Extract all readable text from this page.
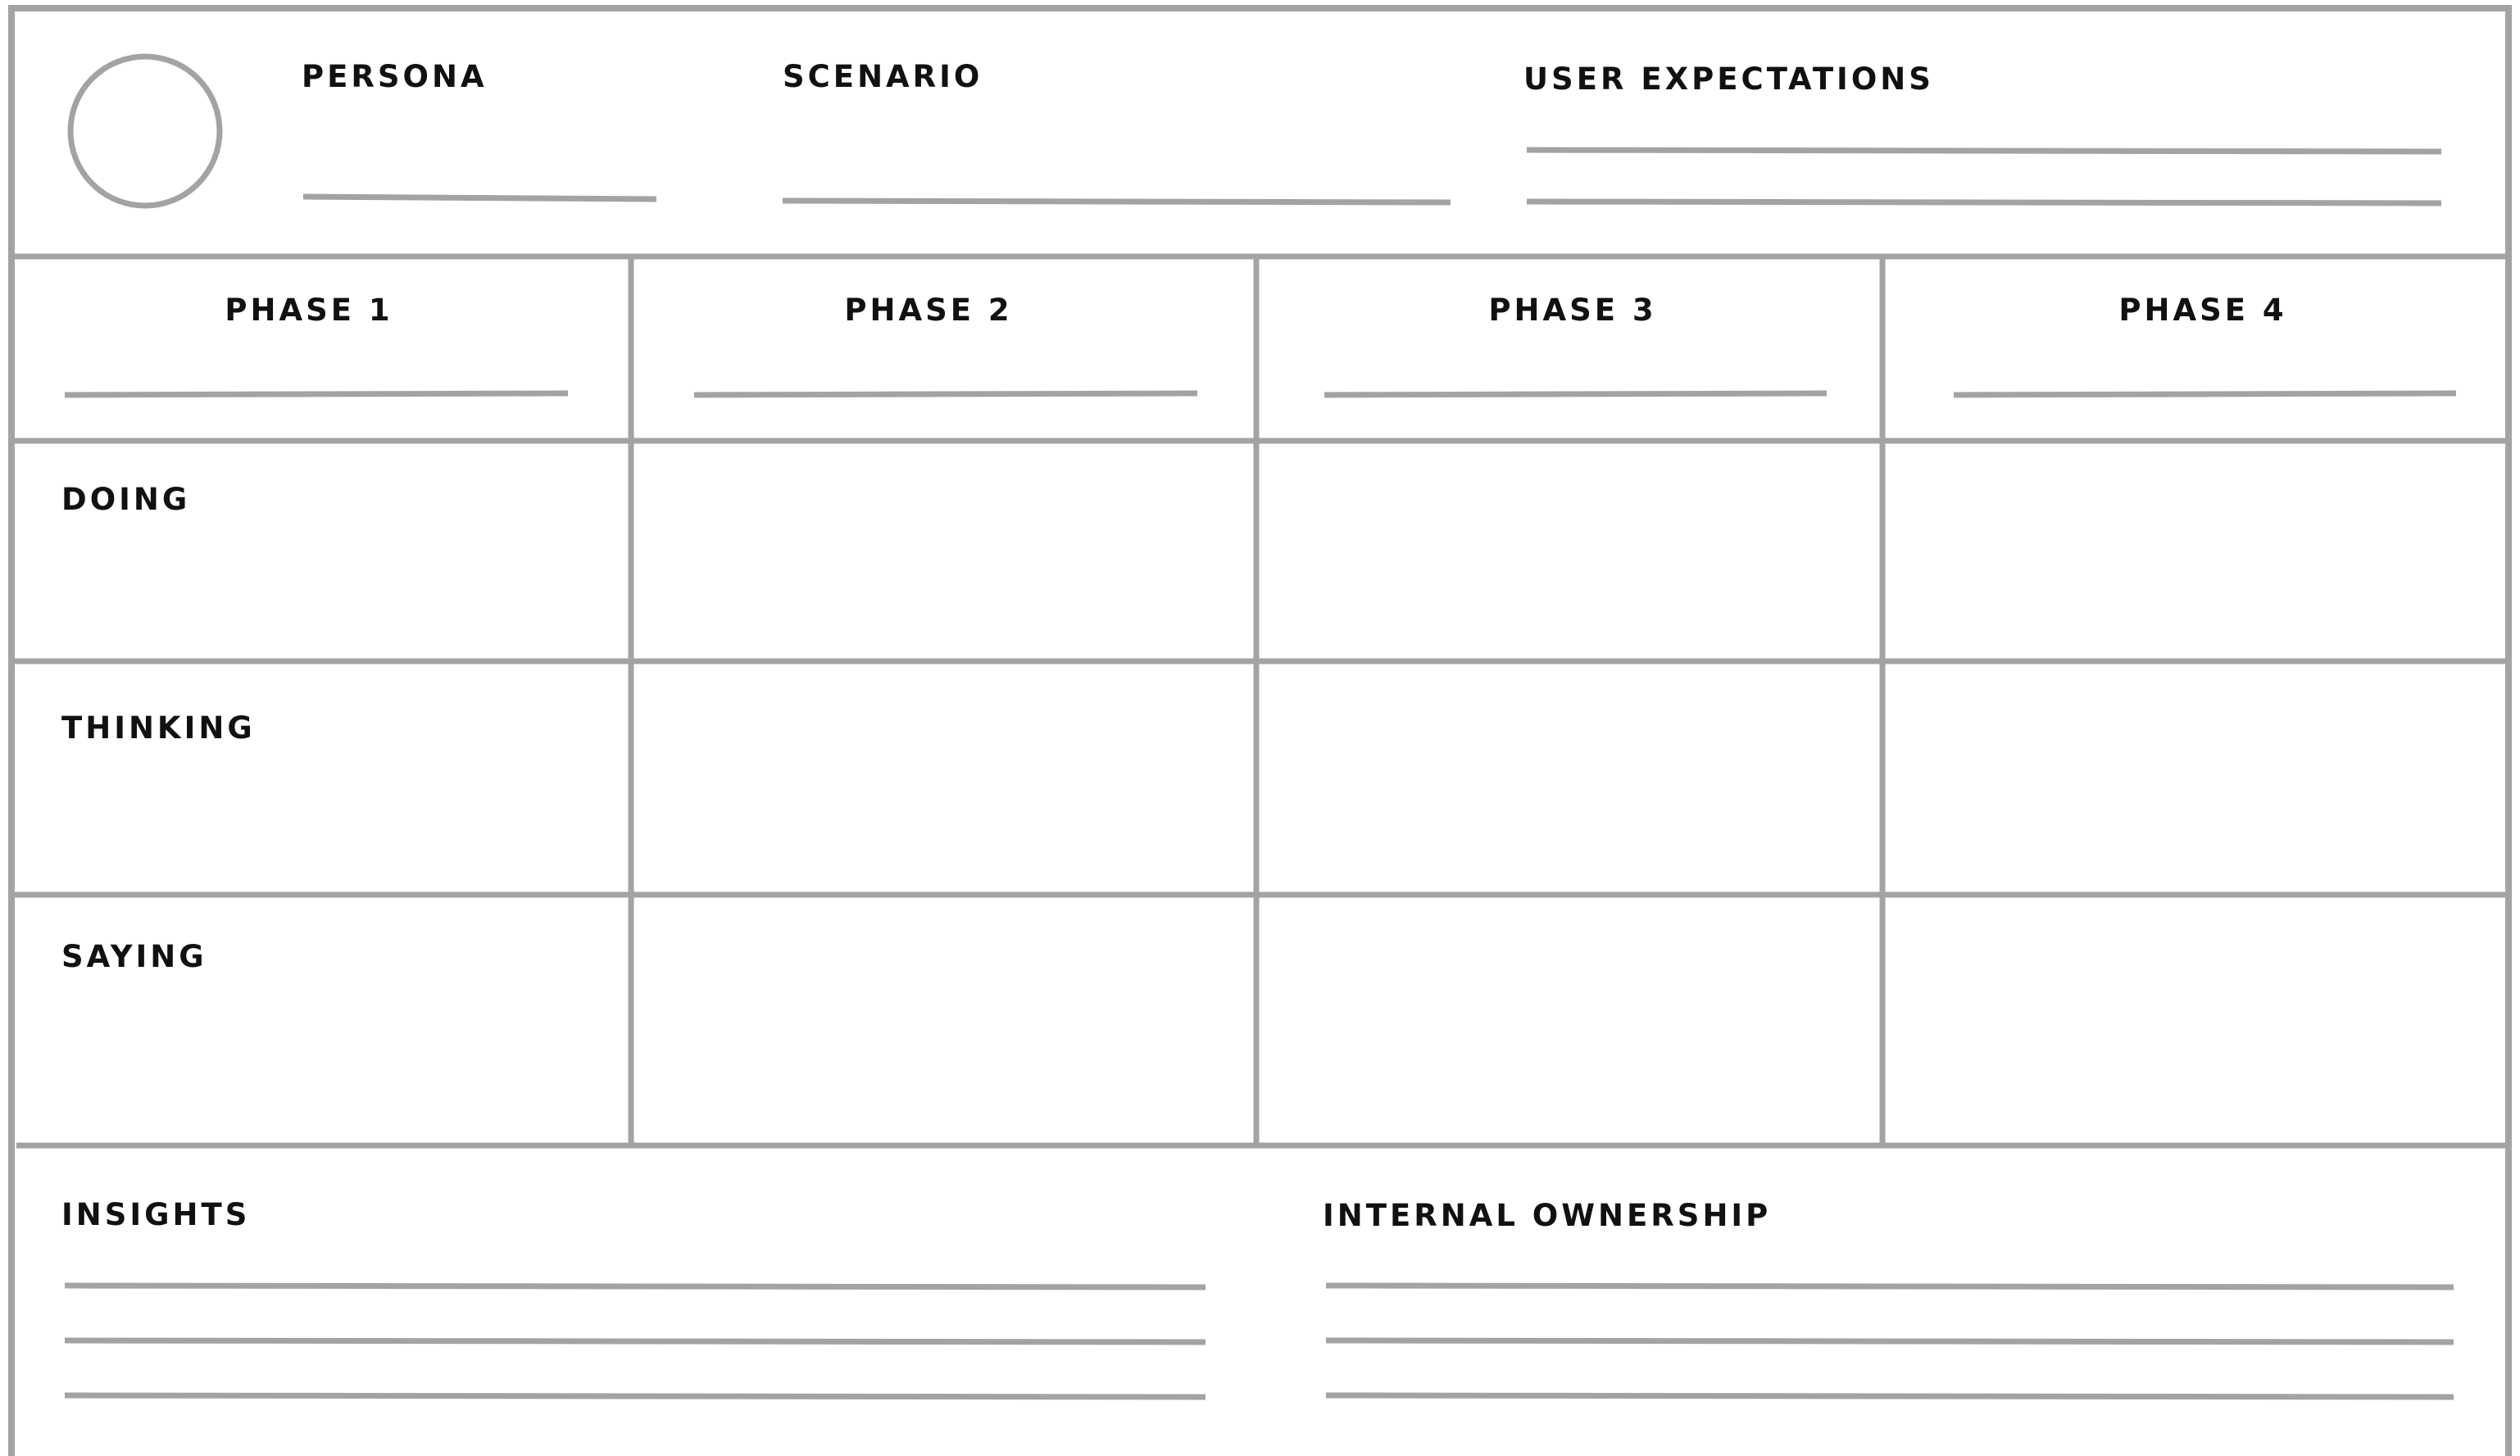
PERSONA	SCENARIO	USER EXPECTATIONS
PHASE 1	PHASE 2	PHASE 3	PHASE 4
DOING
THINKING
SAYING
INSIGHTS	INTERNAL OWNERSHIP
